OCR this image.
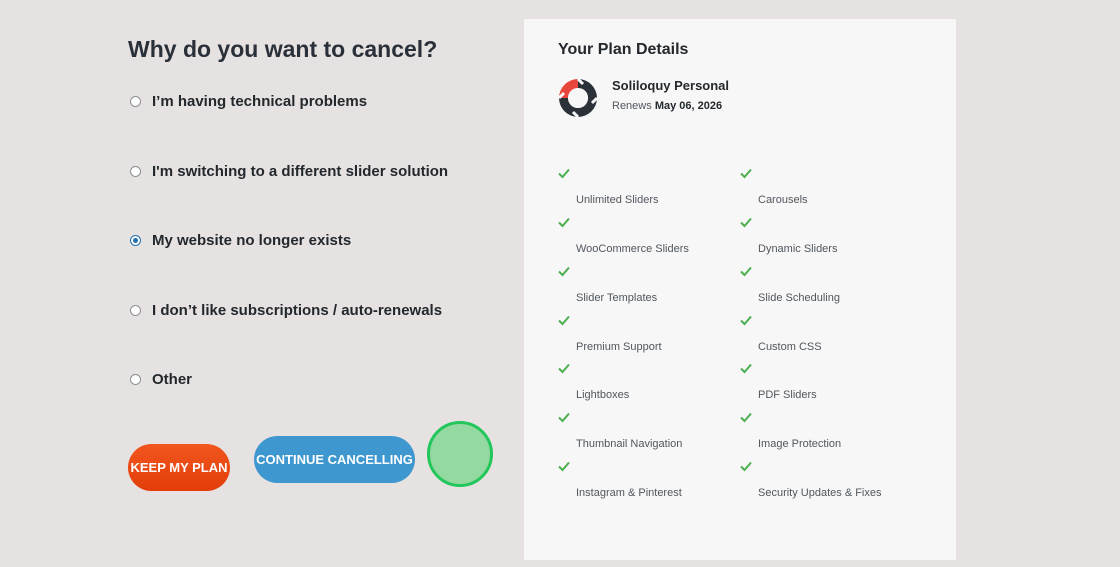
Why do you want to cancel?
I’m having technical problems
I'm switching to a different slider solution
My website no longer exists
I don’t like subscriptions / auto-renewals
Other
KEEP MY PLAN
CONTINUE CANCELLING
Your Plan Details
Soliloquy Personal
Renews May 06, 2026
Unlimited Sliders
WooCommerce Sliders
Slider Templates
Premium Support
Lightboxes
Thumbnail Navigation
Instagram & Pinterest
Carousels
Dynamic Sliders
Slide Scheduling
Custom CSS
PDF Sliders
Image Protection
Security Updates & Fixes
